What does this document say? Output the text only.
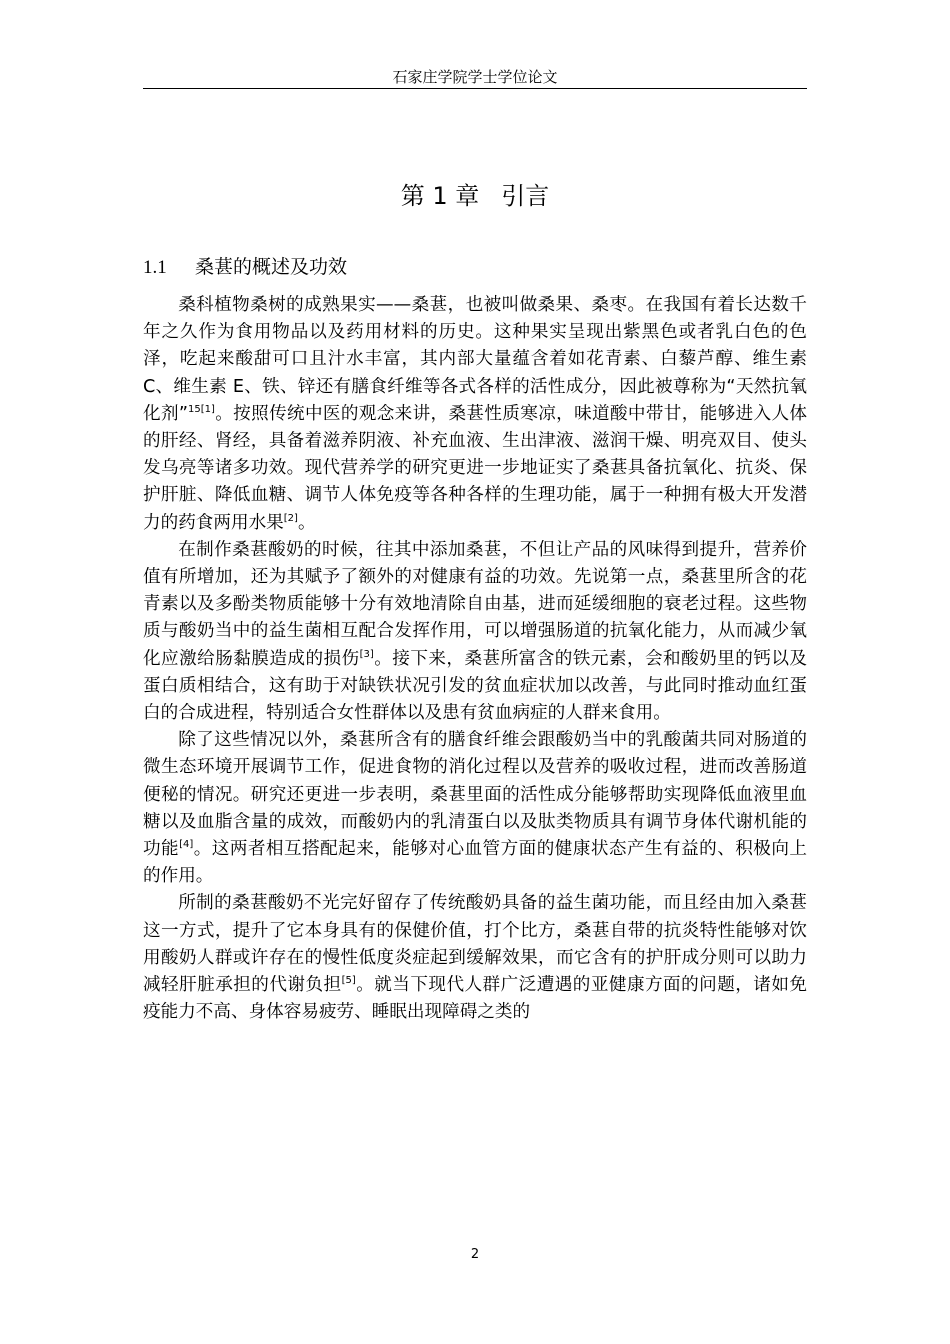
石家庄学院学士学位论文
第 1 章 引言
1.1 桑葚的概述及功效

桑科植物桑树的成熟果实——桑葚，也被叫做桑果、桑枣。在我国有着长达数千年之久作为食用物品以及药用材料的历史。这种果实呈现出紫黑色或者乳白色的色泽，吃起来酸甜可口且汁水丰富，其内部大量蕴含着如花青素、白藜芦醇、维生素 C、维生素 E、铁、锌还有膳食纤维等各式各样的活性成分，因此被尊称为“天然抗氧化剂”$^{15[1]}$。按照传统中医的观念来讲，桑葚性质寒凉，味道酸中带甘，能够进入人体的肝经、肾经，具备着滋养阴液、补充血液、生出津液、滋润干燥、明亮双目、使头发乌亮等诸多功效。现代营养学的研究更进一步地证实了桑葚具备抗氧化、抗炎、保护肝脏、降低血糖、调节人体免疫等各种各样的生理功能，属于一种拥有极大开发潜力的药食两用水果[2]。

在制作桑葚酸奶的时候，往其中添加桑葚，不但让产品的风味得到提升，营养价值有所增加，还为其赋予了额外的对健康有益的功效。先说第一点，桑葚里所含的花青素以及多酚类物质能够十分有效地清除自由基，进而延缓细胞的衰老过程。这些物质与酸奶当中的益生菌相互配合发挥作用，可以增强肠道的抗氧化能力，从而减少氧化应激给肠黏膜造成的损伤[3]。接下来，桑葚所富含的铁元素，会和酸奶里的钙以及蛋白质相结合，这有助于对缺铁状况引发的贫血症状加以改善，与此同时推动血红蛋白的合成进程，特别适合女性群体以及患有贫血病症的人群来食用。

除了这些情况以外，桑葚所含有的膳食纤维会跟酸奶当中的乳酸菌共同对肠道的微生态环境开展调节工作，促进食物的消化过程以及营养的吸收过程，进而改善肠道便秘的情况。研究还更进一步表明，桑葚里面的活性成分能够帮助实现降低血液里血糖以及血脂含量的成效，而酸奶内的乳清蛋白以及肽类物质具有调节身体代谢机能的功能[4]。这两者相互搭配起来，能够对心血管方面的健康状态产生有益的、积极向上的作用。

所制的桑葚酸奶不光完好留存了传统酸奶具备的益生菌功能，而且经由加入桑葚这一方式，提升了它本身具有的保健价值，打个比方，桑葚自带的抗炎特性能够对饮用酸奶人群或许存在的慢性低度炎症起到缓解效果，而它含有的护肝成分则可以助力减轻肝脏承担的代谢负担[5]。就当下现代人群广泛遭遇的亚健康方面的问题，诸如免疫能力不高、身体容易疲劳、睡眠出现障碍之类的

2
